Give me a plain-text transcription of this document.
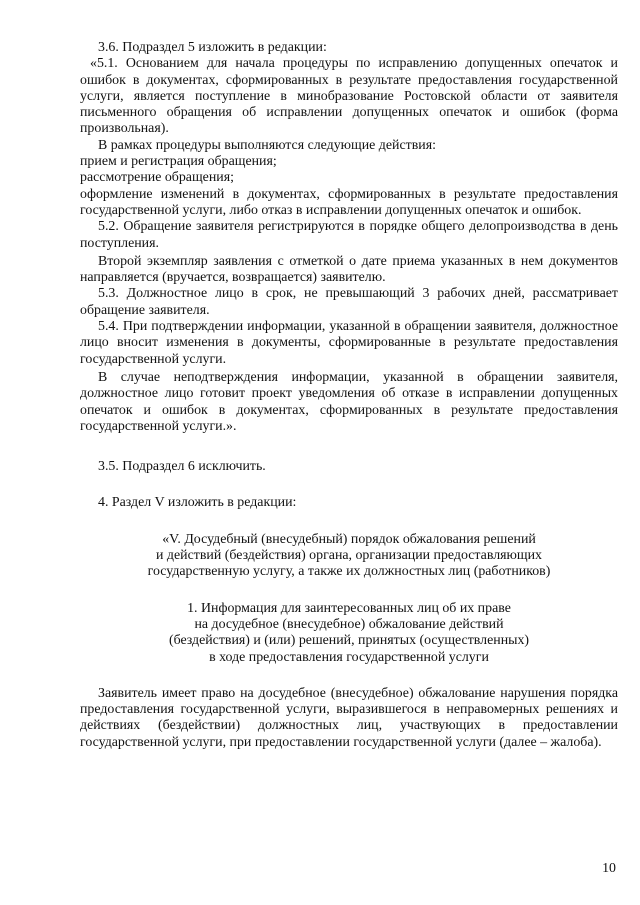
3.6. Подраздел 5 изложить в редакции:

«5.1. Основанием для начала процедуры по исправлению допущенных опечаток и ошибок в документах, сформированных в результате предоставления государственной услуги, является поступление в минобразование Ростовской области от заявителя письменного обращения об исправлении допущенных опечаток и ошибок (форма произвольная).

В рамках процедуры выполняются следующие действия:

прием и регистрация обращения;

рассмотрение обращения;

оформление изменений в документах, сформированных в результате предоставления государственной услуги, либо отказ в исправлении допущенных опечаток и ошибок.

5.2. Обращение заявителя регистрируются в порядке общего делопроизводства в день поступления.

Второй экземпляр заявления с отметкой о дате приема указанных в нем документов направляется (вручается, возвращается) заявителю.

5.3. Должностное лицо в срок, не превышающий 3 рабочих дней, рассматривает обращение заявителя.

5.4. При подтверждении информации, указанной в обращении заявителя, должностное лицо вносит изменения в документы, сформированные в результате предоставления государственной услуги.

В случае неподтверждения информации, указанной в обращении заявителя, должностное лицо готовит проект уведомления об отказе в исправлении допущенных опечаток и ошибок в документах, сформированных в результате предоставления государственной услуги.».

3.5. Подраздел 6 исключить.

4. Раздел V изложить в редакции:

«V. Досудебный (внесудебный) порядок обжалования решений

и действий (бездействия) органа, организации предоставляющих

государственную услугу, а также их должностных лиц (работников)

1. Информация для заинтересованных лиц об их праве

на досудебное (внесудебное) обжалование действий

(бездействия) и (или) решений, принятых (осуществленных)

в ходе предоставления государственной услуги

Заявитель имеет право на досудебное (внесудебное) обжалование нарушения порядка предоставления государственной услуги, выразившегося в неправомерных решениях и действиях (бездействии) должностных лиц, участвующих в предоставлении государственной услуги, при предоставлении государственной услуги (далее – жалоба).

10
